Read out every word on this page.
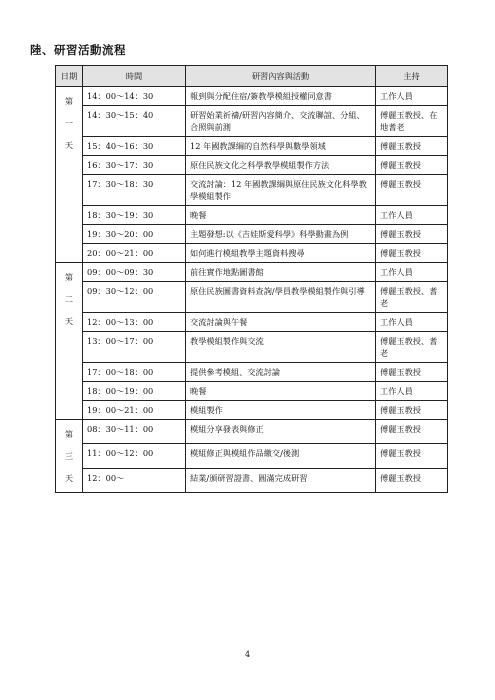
陸、研習活動流程
日期	時間	研習內容與活動	主持

第
一
天	14：00～14：30	報到與分配住宿/簽教學模組授權同意書	工作人員
	14：30～15：40	研習始業祈禱/研習內容簡介、交流聯誼、分組、合照與前測	傅麗玉教授、在地耆老
	15：40～16：30	12 年國教課綱的自然科學與數學領域	傅麗玉教授
	16：30～17：30	原住民族文化之科學教學模組製作方法	傅麗玉教授
	17：30～18：30	交流討論：12 年國教課綱與原住民族文化科學教學模組製作	傅麗玉教授
	18：30～19：30	晚餐	工作人員
	19：30～20：00	主題發想:以《吉娃斯愛科學》科學動畫為例	傅麗玉教授
	20：00～21：00	如何進行模組教學主題資料搜尋	傅麗玉教授

第
二
天	09：00～09：30	前往實作地點圖書館	工作人員
	09：30～12：00	原住民族圖書資料查詢/學員教學模組製作與引導	傅麗玉教授、耆老
	12：00～13：00	交流討論與午餐	工作人員
	13：00～17：00	教學模組製作與交流	傅麗玉教授、耆老
	17：00～18：00	提供參考模組、交流討論	傅麗玉教授
	18：00～19：00	晚餐	工作人員
	19：00～21：00	模組製作	傅麗玉教授

第
三
天	08：30～11：00	模組分享發表與修正	傅麗玉教授
	11：00～12：00	模組修正與模組作品繳交/後測	傅麗玉教授
	12：00～	結業/頒研習證書、圓滿完成研習	傅麗玉教授
4
